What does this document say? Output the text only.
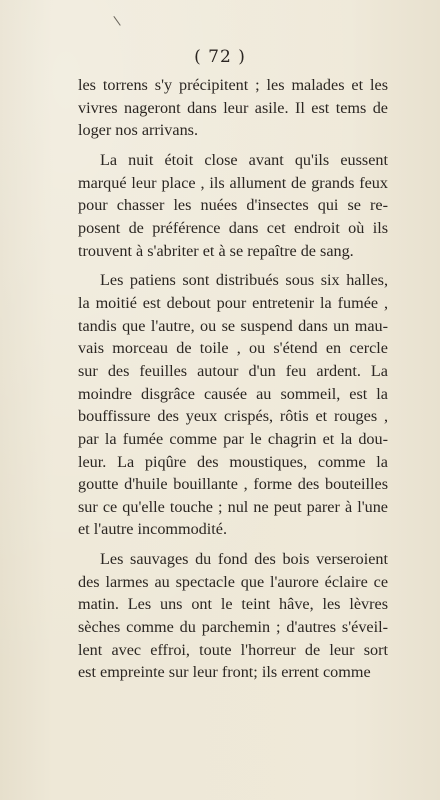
\
( 72 )
les torrens s'y précipitent ; les malades et les
vivres nageront dans leur asile. Il est tems de
loger nos arrivans.
La nuit étoit close avant qu'ils eussent
marqué leur place , ils allument de grands feux
pour chasser les nuées d'insectes qui se re-
posent de préférence dans cet endroit où ils
trouvent à s'abriter et à se repaître de sang.
Les patiens sont distribués sous six halles,
la moitié est debout pour entretenir la fumée ,
tandis que l'autre, ou se suspend dans un mau-
vais morceau de toile , ou s'étend en cercle
sur des feuilles autour d'un feu ardent. La
moindre disgrâce causée au sommeil, est la
bouffissure des yeux crispés, rôtis et rouges ,
par la fumée comme par le chagrin et la dou-
leur. La piqûre des moustiques, comme la
goutte d'huile bouillante , forme des bouteilles
sur ce qu'elle touche ; nul ne peut parer à l'une
et l'autre incommodité.
Les sauvages du fond des bois verseroient
des larmes au spectacle que l'aurore éclaire ce
matin. Les uns ont le teint hâve, les lèvres
sèches comme du parchemin ; d'autres s'éveil-
lent avec effroi, toute l'horreur de leur sort
est empreinte sur leur front; ils errent comme
